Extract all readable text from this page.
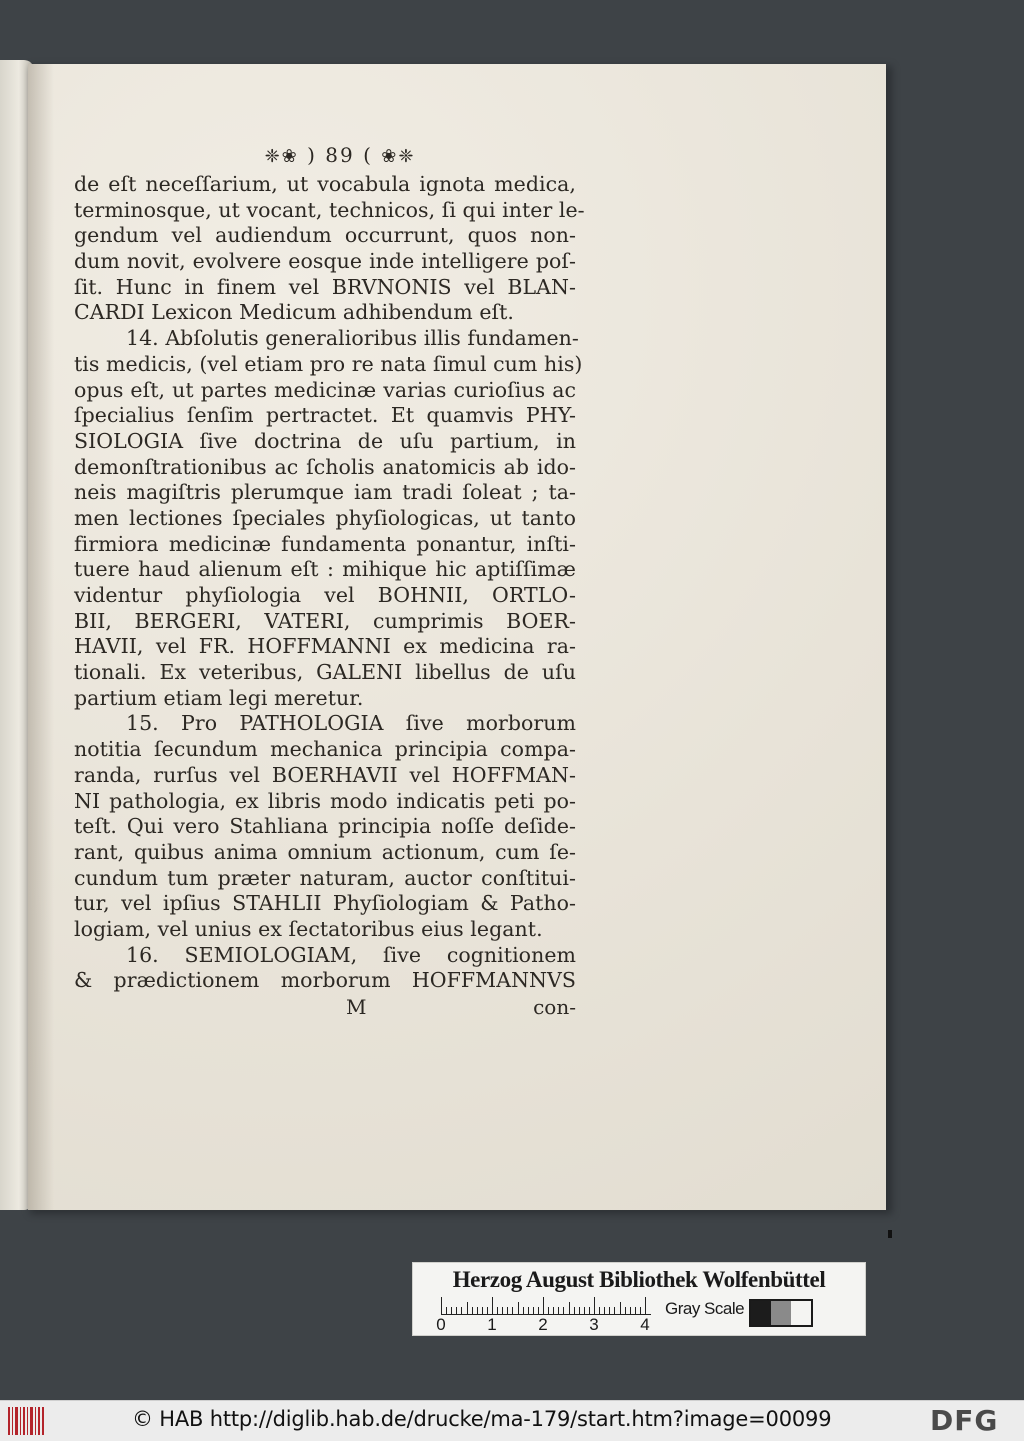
❈❀ ) 89 ( ❀❈
de eſt neceſſarium, ut vocabula ignota medica,
terminosque, ut vocant, technicos, ſi qui inter le-
gendum vel audiendum occurrunt, quos non-
dum novit, evolvere eosque inde intelligere poſ-
ſit. Hunc in finem vel BRVNONIS vel BLAN-
CARDI Lexicon Medicum adhibendum eſt.
14. Abſolutis generalioribus illis fundamen-
tis medicis, (vel etiam pro re nata ſimul cum his)
opus eſt, ut partes medicinæ varias curioſius ac
ſpecialius ſenſim pertractet. Et quamvis PHY-
SIOLOGIA ſive doctrina de uſu partium, in
demonſtrationibus ac ſcholis anatomicis ab ido-
neis magiſtris plerumque iam tradi ſoleat ; ta-
men lectiones ſpeciales phyſiologicas, ut tanto
firmiora medicinæ fundamenta ponantur, inſti-
tuere haud alienum eſt : mihique hic aptiſſimæ
videntur phyſiologia vel BOHNII, ORTLO-
BII, BERGERI, VATERI, cumprimis BOER-
HAVII, vel FR. HOFFMANNI ex medicina ra-
tionali. Ex veteribus, GALENI libellus de uſu
partium etiam legi meretur.
15. Pro PATHOLOGIA ſive morborum
notitia ſecundum mechanica principia compa-
randa, rurſus vel BOERHAVII vel HOFFMAN-
NI pathologia, ex libris modo indicatis peti po-
teſt. Qui vero Stahliana principia noſſe deſide-
rant, quibus anima omnium actionum, cum ſe-
cundum tum præter naturam, auctor conſtitui-
tur, vel ipſius STAHLII Phyſiologiam & Patho-
logiam, vel unius ex ſectatoribus eius legant.
16. SEMIOLOGIAM, ſive cognitionem
& prædictionem morborum HOFFMANNVS
M	con-
Herzog August Bibliothek Wolfenbüttel
0	1	2	3	4
Gray Scale
© HAB http://diglib.hab.de/drucke/ma-179/start.htm?image=00099	DFG
